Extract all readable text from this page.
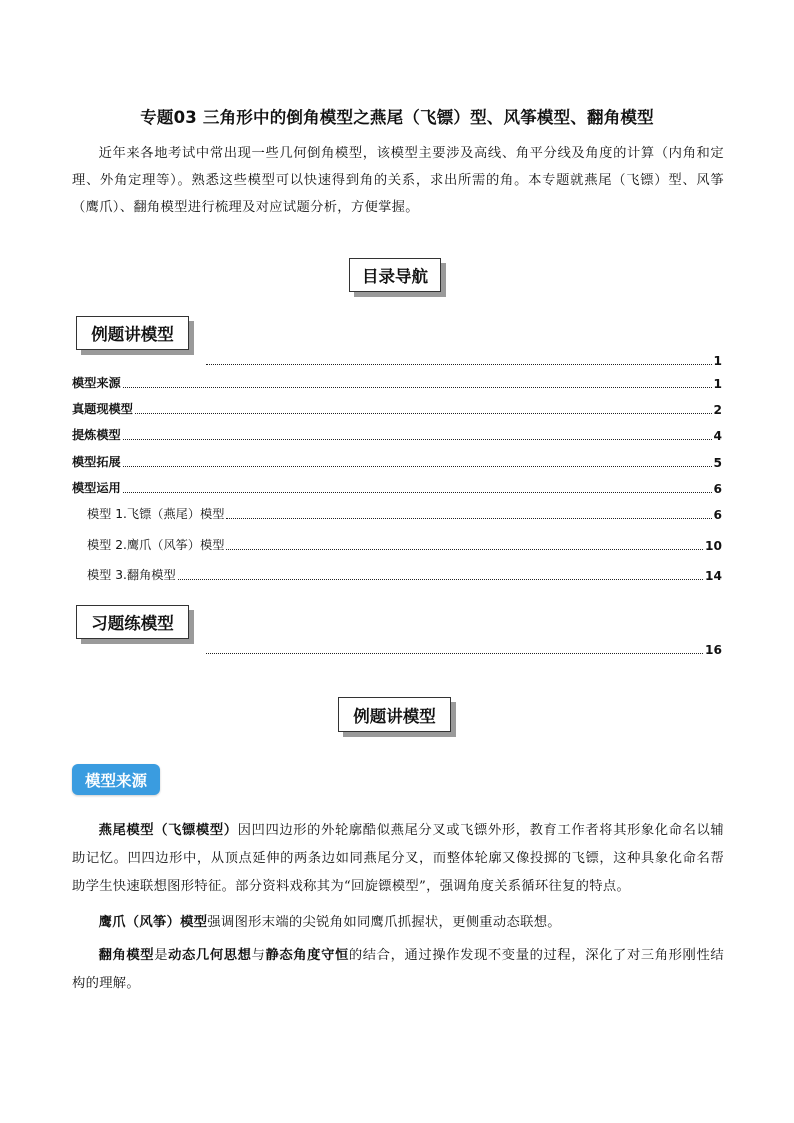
专题03 三角形中的倒角模型之燕尾（飞镖）型、风筝模型、翻角模型
近年来各地考试中常出现一些几何倒角模型，该模型主要涉及高线、角平分线及角度的计算（内角和定理、外角定理等）。熟悉这些模型可以快速得到角的关系，求出所需的角。本专题就燕尾（飞镖）型、风筝（鹰爪）、翻角模型进行梳理及对应试题分析，方便掌握。
目录导航
例题讲模型
1
模型来源	1
真题现模型	2
提炼模型	4
模型拓展	5
模型运用	6
模型 1.飞镖（燕尾）模型	6
模型 2.鹰爪（风筝）模型	10
模型 3.翻角模型	14
习题练模型
16
例题讲模型
模型来源
燕尾模型（飞镖模型）因凹四边形的外轮廓酷似燕尾分叉或飞镖外形，教育工作者将其形象化命名以辅助记忆。凹四边形中，从顶点延伸的两条边如同燕尾分叉，而整体轮廓又像投掷的飞镖，这种具象化命名帮助学生快速联想图形特征。部分资料戏称其为“回旋镖模型”，强调角度关系循环往复的特点。
鹰爪（风筝）模型强调图形末端的尖锐角如同鹰爪抓握状，更侧重动态联想。
翻角模型是动态几何思想与静态角度守恒的结合，通过操作发现不变量的过程，深化了对三角形刚性结构的理解。
